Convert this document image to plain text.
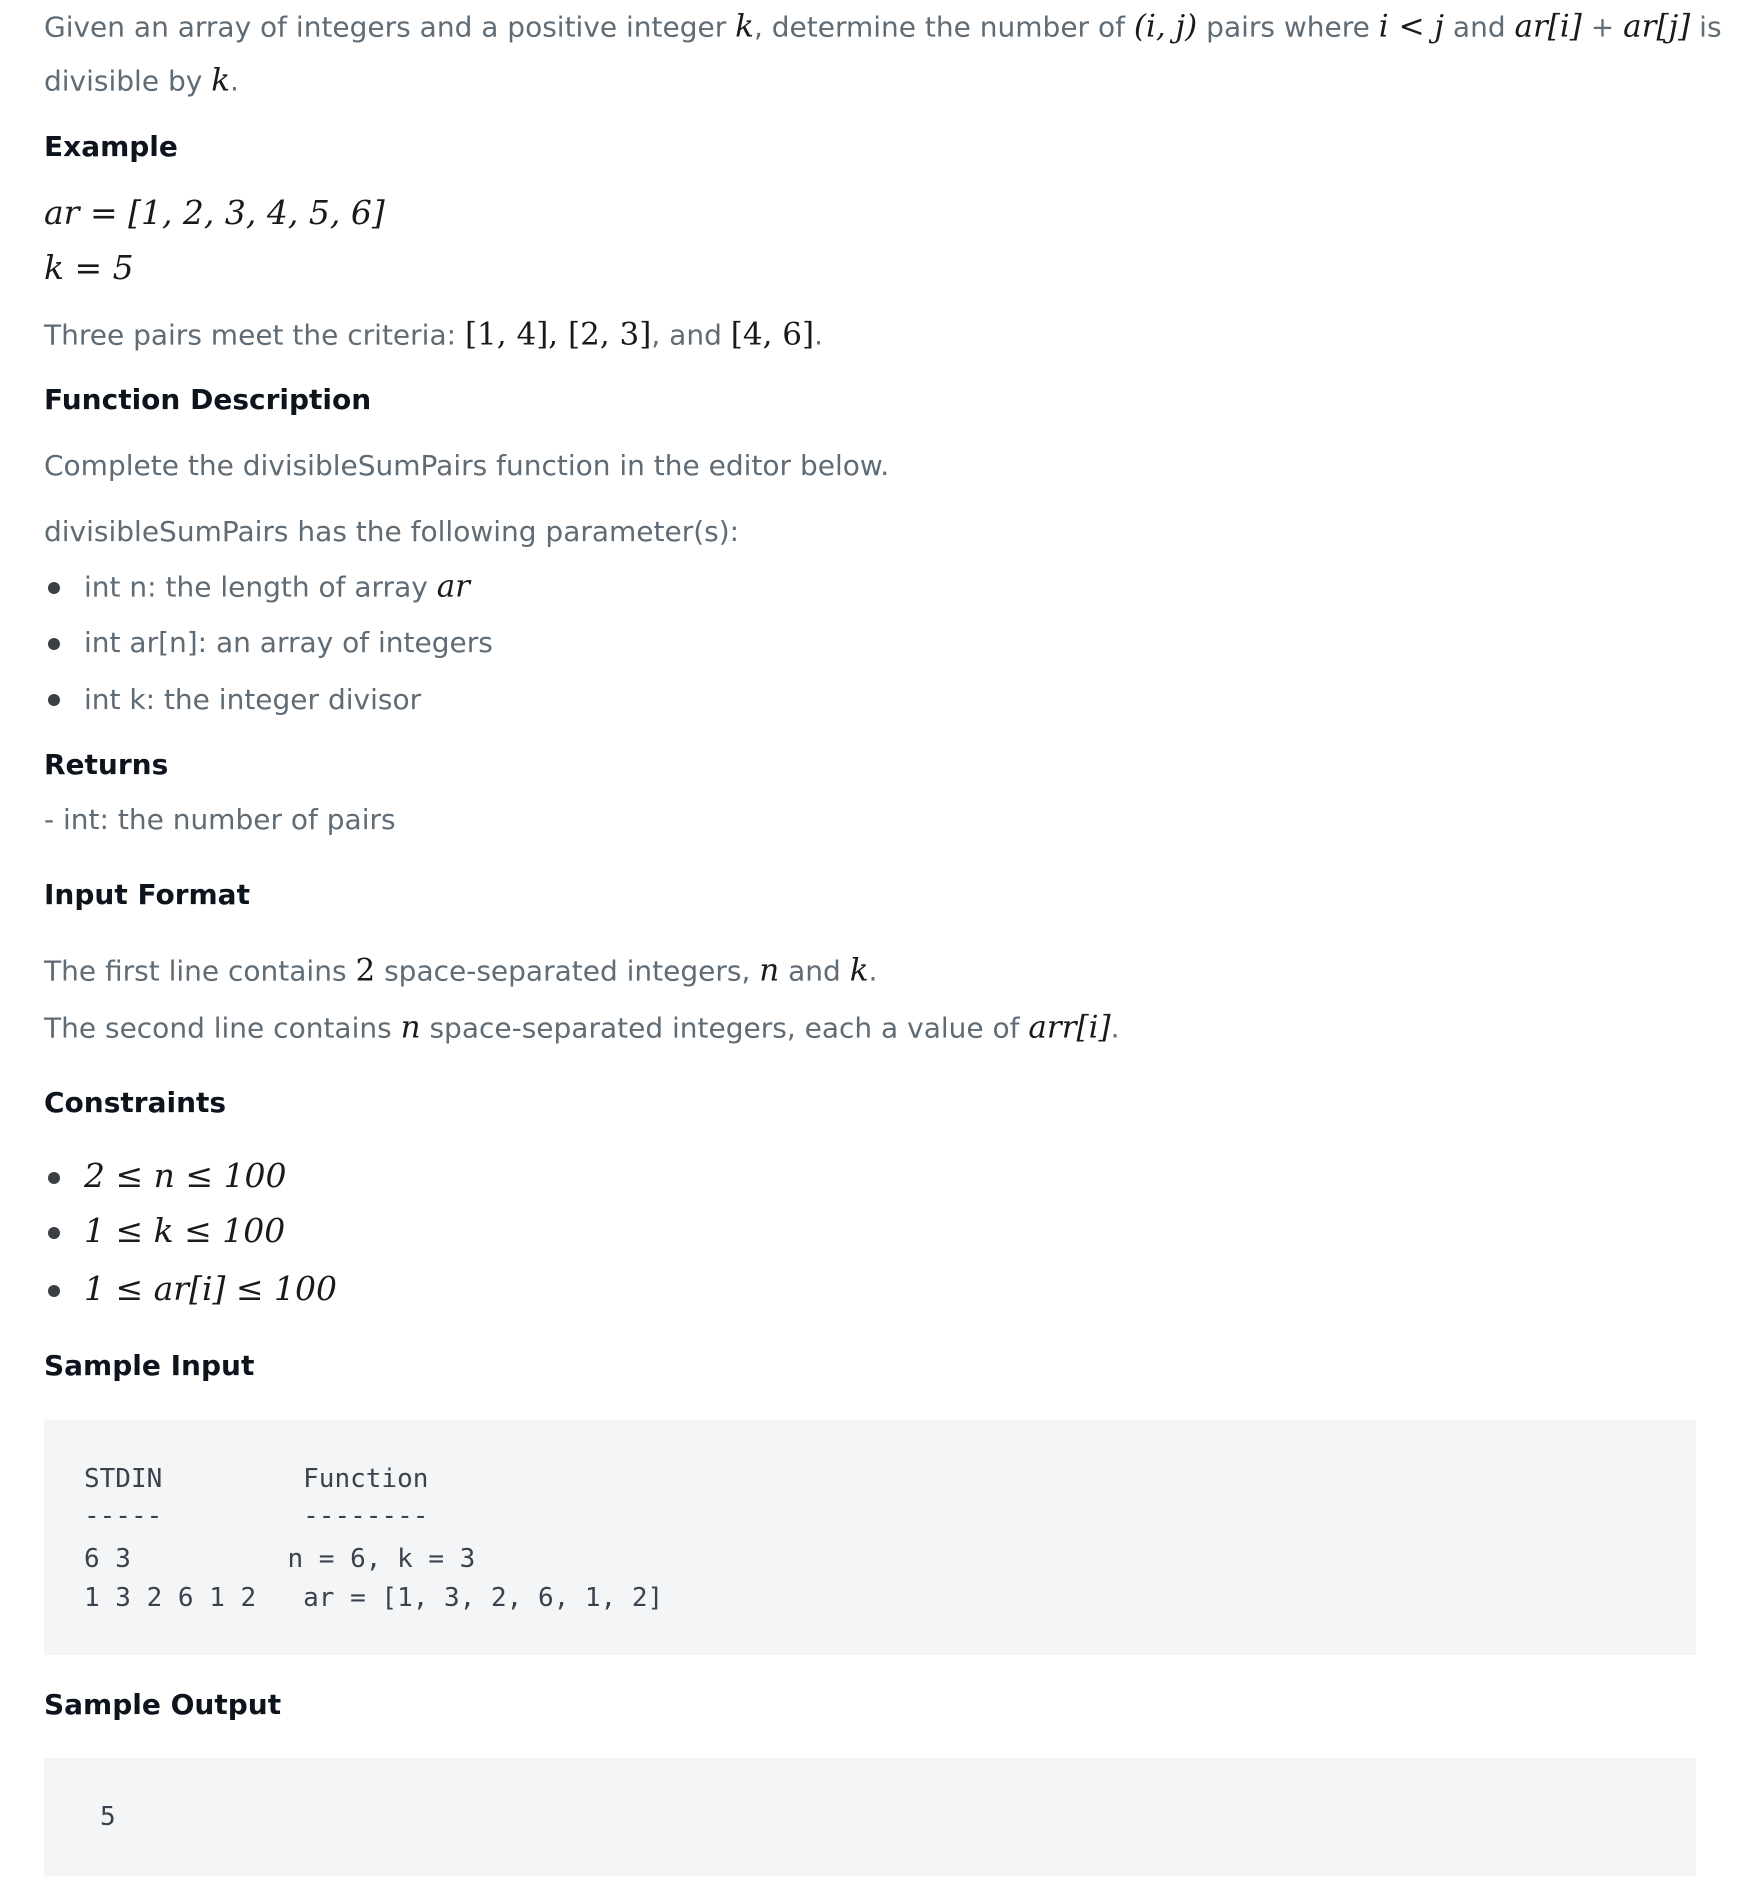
Given an array of integers and a positive integer k, determine the number of (i, j) pairs where i < j and ar[i] + ar[j] is
divisible by k.
Example
ar = [1, 2, 3, 4, 5, 6]
k = 5
Three pairs meet the criteria: [1, 4], [2, 3], and [4, 6].
Function Description
Complete the divisibleSumPairs function in the editor below.
divisibleSumPairs has the following parameter(s):
int n: the length of array ar
int ar[n]: an array of integers
int k: the integer divisor
Returns
- int: the number of pairs
Input Format
The first line contains 2 space-separated integers, n and k.
The second line contains n space-separated integers, each a value of arr[i].
Constraints
2 ≤ n ≤ 100
1 ≤ k ≤ 100
1 ≤ ar[i] ≤ 100
Sample Input
STDIN         Function
-----         --------
6 3          n = 6, k = 3
1 3 2 6 1 2   ar = [1, 3, 2, 6, 1, 2]
Sample Output
5
